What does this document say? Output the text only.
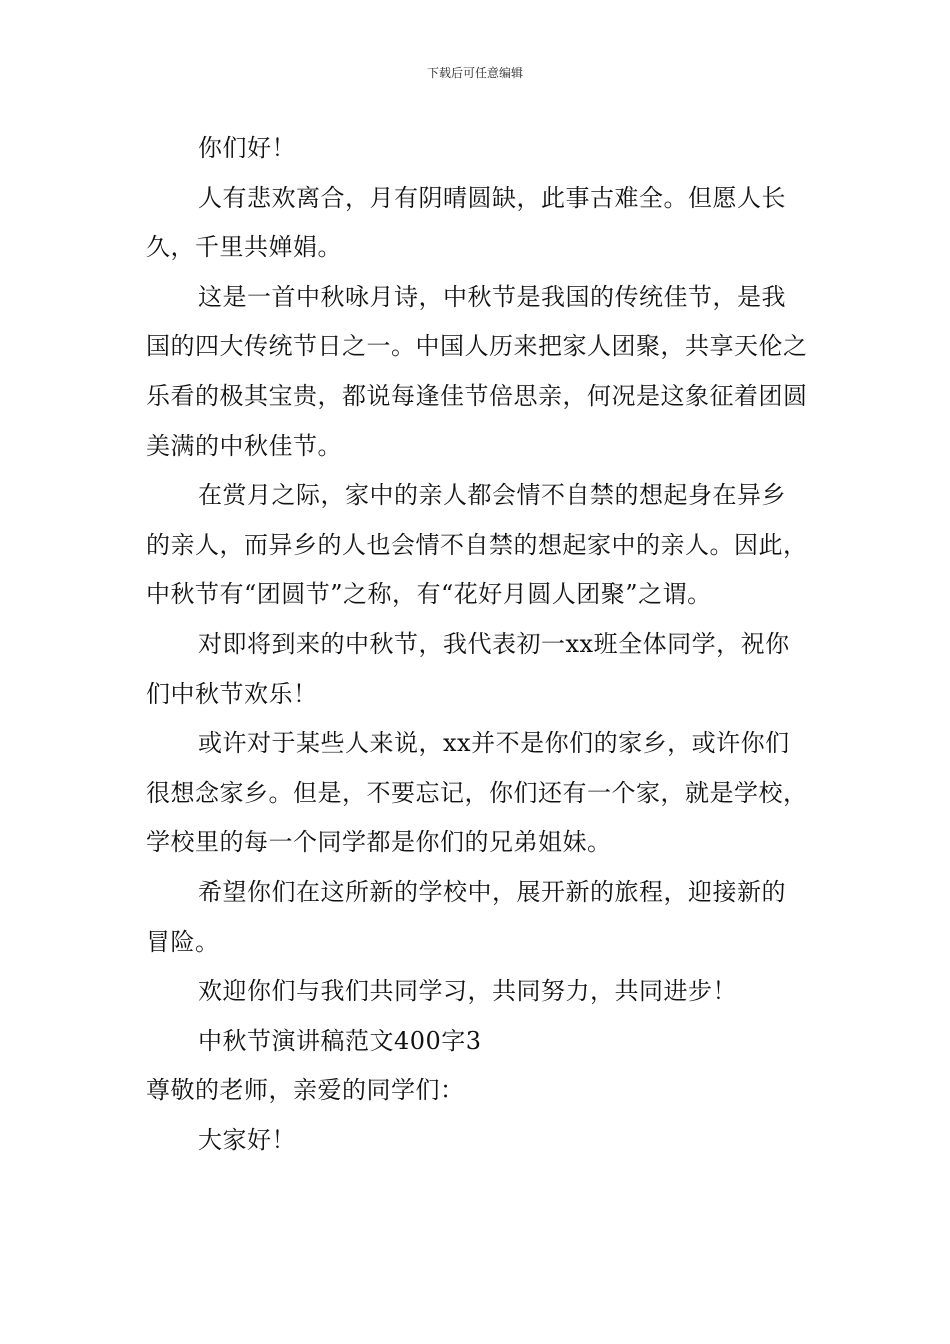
下载后可任意编辑

你们好！

人有悲欢离合，月有阴晴圆缺，此事古难全。但愿人长久，千里共婵娟。

这是一首中秋咏月诗，中秋节是我国的传统佳节，是我国的四大传统节日之一。中国人历来把家人团聚，共享天伦之乐看的极其宝贵，都说每逢佳节倍思亲，何况是这象征着团圆美满的中秋佳节。

在赏月之际，家中的亲人都会情不自禁的想起身在异乡的亲人，而异乡的人也会情不自禁的想起家中的亲人。因此，中秋节有“团圆节”之称，有“花好月圆人团聚”之谓。

对即将到来的中秋节，我代表初一xx班全体同学，祝你们中秋节欢乐！

或许对于某些人来说，xx并不是你们的家乡，或许你们很想念家乡。但是，不要忘记，你们还有一个家，就是学校，学校里的每一个同学都是你们的兄弟姐妹。

希望你们在这所新的学校中，展开新的旅程，迎接新的冒险。

欢迎你们与我们共同学习，共同努力，共同进步！

中秋节演讲稿范文400字3

尊敬的老师，亲爱的同学们：

大家好！
